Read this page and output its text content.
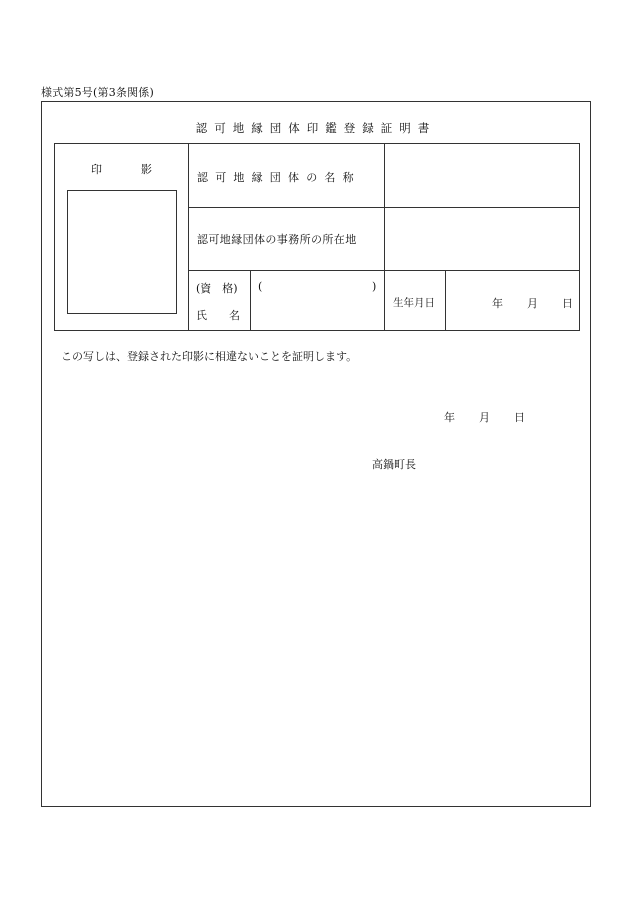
様式第5号(第3条関係)
認可地縁団体印鑑登録証明書
印　影
認可地縁団体の名称
認可地縁団体の事務所の所在地
(資　格)
氏　　名
(	)
生年月日	年 月 日
この写しは、登録された印影に相違ないことを証明します。
年 月 日
高鍋町長
